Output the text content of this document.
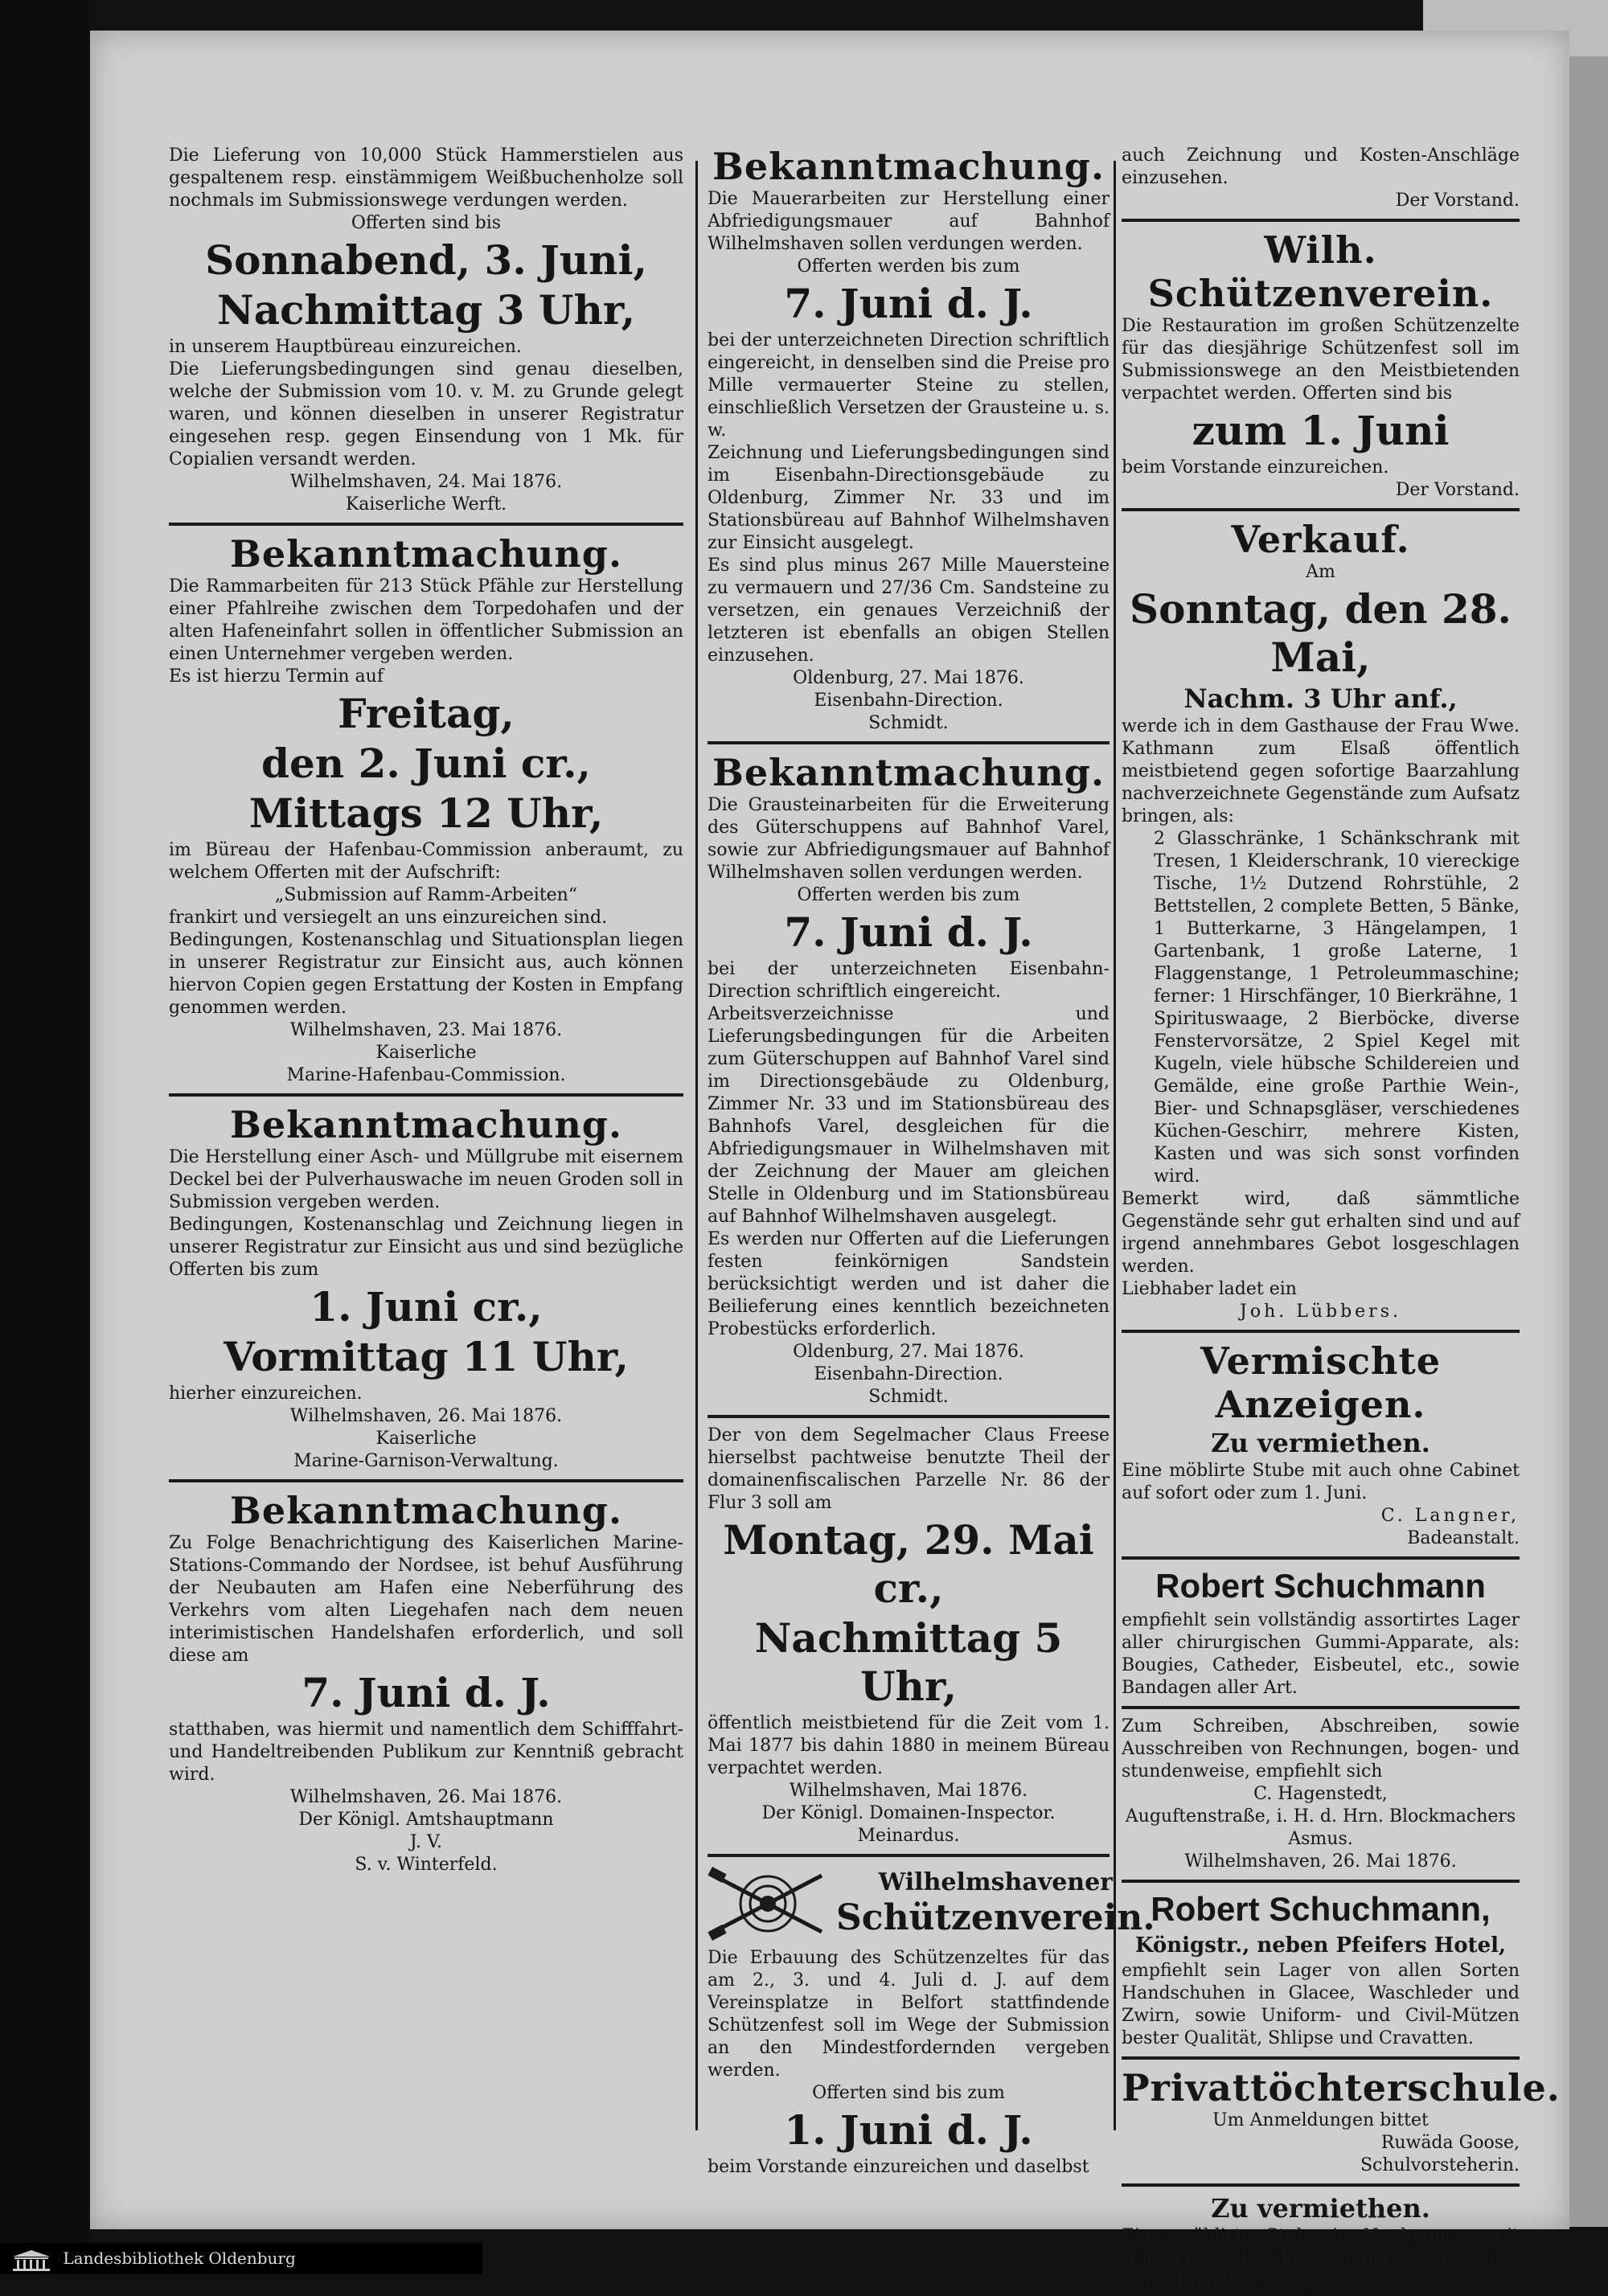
Die Lieferung von 10,000 Stück Hammerstielen aus gespaltenem resp. einstämmigem Weißbuchenholze soll nochmals im Submissionswege verdungen werden.

Offerten sind bis

Sonnabend, 3. Juni,
Nachmittag 3 Uhr,

in unserem Hauptbüreau einzureichen.

Die Lieferungsbedingungen sind genau dieselben, welche der Submission vom 10. v. M. zu Grunde gelegt waren, und können dieselben in unserer Registratur eingesehen resp. gegen Einsendung von 1 Mk. für Copialien versandt werden.

Wilhelmshaven, 24. Mai 1876.

Kaiserliche Werft.

Bekanntmachung.

Die Rammarbeiten für 213 Stück Pfähle zur Herstellung einer Pfahlreihe zwischen dem Torpedohafen und der alten Hafeneinfahrt sollen in öffentlicher Submission an einen Unternehmer vergeben werden.

Es ist hierzu Termin auf

Freitag,
den 2. Juni cr.,
Mittags 12 Uhr,

im Büreau der Hafenbau-Commission anberaumt, zu welchem Offerten mit der Aufschrift:

„Submission auf Ramm-Arbeiten“

frankirt und versiegelt an uns einzureichen sind.

Bedingungen, Kostenanschlag und Situationsplan liegen in unserer Registratur zur Einsicht aus, auch können hiervon Copien gegen Erstattung der Kosten in Empfang genommen werden.

Wilhelmshaven, 23. Mai 1876.

Kaiserliche

Marine-Hafenbau-Commission.

Bekanntmachung.

Die Herstellung einer Asch- und Müllgrube mit eisernem Deckel bei der Pulverhauswache im neuen Groden soll in Submission vergeben werden.

Bedingungen, Kostenanschlag und Zeichnung liegen in unserer Registratur zur Einsicht aus und sind bezügliche Offerten bis zum

1. Juni cr.,
Vormittag 11 Uhr,

hierher einzureichen.

Wilhelmshaven, 26. Mai 1876.

Kaiserliche

Marine-Garnison-Verwaltung.

Bekanntmachung.

Zu Folge Benachrichtigung des Kaiserlichen Marine-Stations-Commando der Nordsee, ist behuf Ausführung der Neubauten am Hafen eine Neberführung des Verkehrs vom alten Liegehafen nach dem neuen interimistischen Handelshafen erforderlich, und soll diese am

7. Juni d. J.

statthaben, was hiermit und namentlich dem Schifffahrt- und Handeltreibenden Publikum zur Kenntniß gebracht wird.

Wilhelmshaven, 26. Mai 1876.

Der Königl. Amtshauptmann

J. V.

S. v. Winterfeld.

Bekanntmachung.

Die Mauerarbeiten zur Herstellung einer Abfriedigungsmauer auf Bahnhof Wilhelmshaven sollen verdungen werden.

Offerten werden bis zum

7. Juni d. J.

bei der unterzeichneten Direction schriftlich eingereicht, in denselben sind die Preise pro Mille vermauerter Steine zu stellen, einschließlich Versetzen der Grausteine u. s. w.

Zeichnung und Lieferungsbedingungen sind im Eisenbahn-Directionsgebäude zu Oldenburg, Zimmer Nr. 33 und im Stationsbüreau auf Bahnhof Wilhelmshaven zur Einsicht ausgelegt.

Es sind plus minus 267 Mille Mauersteine zu vermauern und 27/36 Cm. Sandsteine zu versetzen, ein genaues Verzeichniß der letzteren ist ebenfalls an obigen Stellen einzusehen.

Oldenburg, 27. Mai 1876.

Eisenbahn-Direction.

Schmidt.

Bekanntmachung.

Die Grausteinarbeiten für die Erweiterung des Güterschuppens auf Bahnhof Varel, sowie zur Abfriedigungsmauer auf Bahnhof Wilhelmshaven sollen verdungen werden.

Offerten werden bis zum

7. Juni d. J.

bei der unterzeichneten Eisenbahn-Direction schriftlich eingereicht.

Arbeitsverzeichnisse und Lieferungsbedingungen für die Arbeiten zum Güterschuppen auf Bahnhof Varel sind im Directionsgebäude zu Oldenburg, Zimmer Nr. 33 und im Stationsbüreau des Bahnhofs Varel, desgleichen für die Abfriedigungsmauer in Wilhelmshaven mit der Zeichnung der Mauer am gleichen Stelle in Oldenburg und im Stationsbüreau auf Bahnhof Wilhelmshaven ausgelegt.

Es werden nur Offerten auf die Lieferungen festen feinkörnigen Sandstein berücksichtigt werden und ist daher die Beilieferung eines kenntlich bezeichneten Probestücks erforderlich.

Oldenburg, 27. Mai 1876.

Eisenbahn-Direction.

Schmidt.

Der von dem Segelmacher Claus Freese hierselbst pachtweise benutzte Theil der domainenfiscalischen Parzelle Nr. 86 der Flur 3 soll am

Montag, 29. Mai cr.,
Nachmittag 5 Uhr,

öffentlich meistbietend für die Zeit vom 1. Mai 1877 bis dahin 1880 in meinem Büreau verpachtet werden.

Wilhelmshaven, Mai 1876.

Der Königl. Domainen-Inspector.

Meinardus.

Wilhelmshavener
Schützenverein.

Die Erbauung des Schützenzeltes für das am 2., 3. und 4. Juli d. J. auf dem Vereinsplatze in Belfort stattfindende Schützenfest soll im Wege der Submission an den Mindestfordernden vergeben werden.

Offerten sind bis zum

1. Juni d. J.

beim Vorstande einzureichen und daselbst

auch Zeichnung und Kosten-Anschläge einzusehen.

Der Vorstand.

Wilh. Schützenverein.

Die Restauration im großen Schützenzelte für das diesjährige Schützenfest soll im Submissionswege an den Meistbietenden verpachtet werden. Offerten sind bis

zum 1. Juni

beim Vorstande einzureichen.

Der Vorstand.

Verkauf.

Am

Sonntag, den 28. Mai,
Nachm. 3 Uhr anf.,

werde ich in dem Gasthause der Frau Wwe. Kathmann zum Elsaß öffentlich meistbietend gegen sofortige Baarzahlung nachverzeichnete Gegenstände zum Aufsatz bringen, als:

2 Glasschränke, 1 Schänkschrank mit Tresen, 1 Kleiderschrank, 10 viereckige Tische, 1½ Dutzend Rohrstühle, 2 Bettstellen, 2 complete Betten, 5 Bänke, 1 Butterkarne, 3 Hängelampen, 1 Gartenbank, 1 große Laterne, 1 Flaggenstange, 1 Petroleummaschine; ferner: 1 Hirschfänger, 10 Bierkrähne, 1 Spirituswaage, 2 Bierböcke, diverse Fenstervorsätze, 2 Spiel Kegel mit Kugeln, viele hübsche Schildereien und Gemälde, eine große Parthie Wein-, Bier- und Schnapsgläser, verschiedenes Küchen-Geschirr, mehrere Kisten, Kasten und was sich sonst vorfinden wird.

Bemerkt wird, daß sämmtliche Gegenstände sehr gut erhalten sind und auf irgend annehmbares Gebot losgeschlagen werden.

Liebhaber ladet ein

Joh. Lübbers.

Vermischte Anzeigen.
Zu vermiethen.

Eine möblirte Stube mit auch ohne Cabinet auf sofort oder zum 1. Juni.

C. Langner,

Badeanstalt.

Robert Schuchmann

empfiehlt sein vollständig assortirtes Lager aller chirurgischen Gummi-Apparate, als: Bougies, Catheder, Eisbeutel, etc., sowie Bandagen aller Art.

Zum Schreiben, Abschreiben, sowie Ausschreiben von Rechnungen, bogen- und stundenweise, empfiehlt sich

C. Hagenstedt,

Auguftenstraße, i. H. d. Hrn. Blockmachers Asmus.

Wilhelmshaven, 26. Mai 1876.

Robert Schuchmann,
Königstr., neben Pfeifers Hotel,

empfiehlt sein Lager von allen Sorten Handschuhen in Glacee, Waschleder und Zwirn, sowie Uniform- und Civil-Mützen bester Qualität, Shlipse und Cravatten.

Privattöchterschule.

Um Anmeldungen bittet

Ruwäda Goose,

Schulvorsteherin.

Zu vermiethen.

Eine möblirte Stube in Neuheppens mit schöner Aussicht. Näheres in der Expedition des Tageblatts.

Landesbibliothek Oldenburg
